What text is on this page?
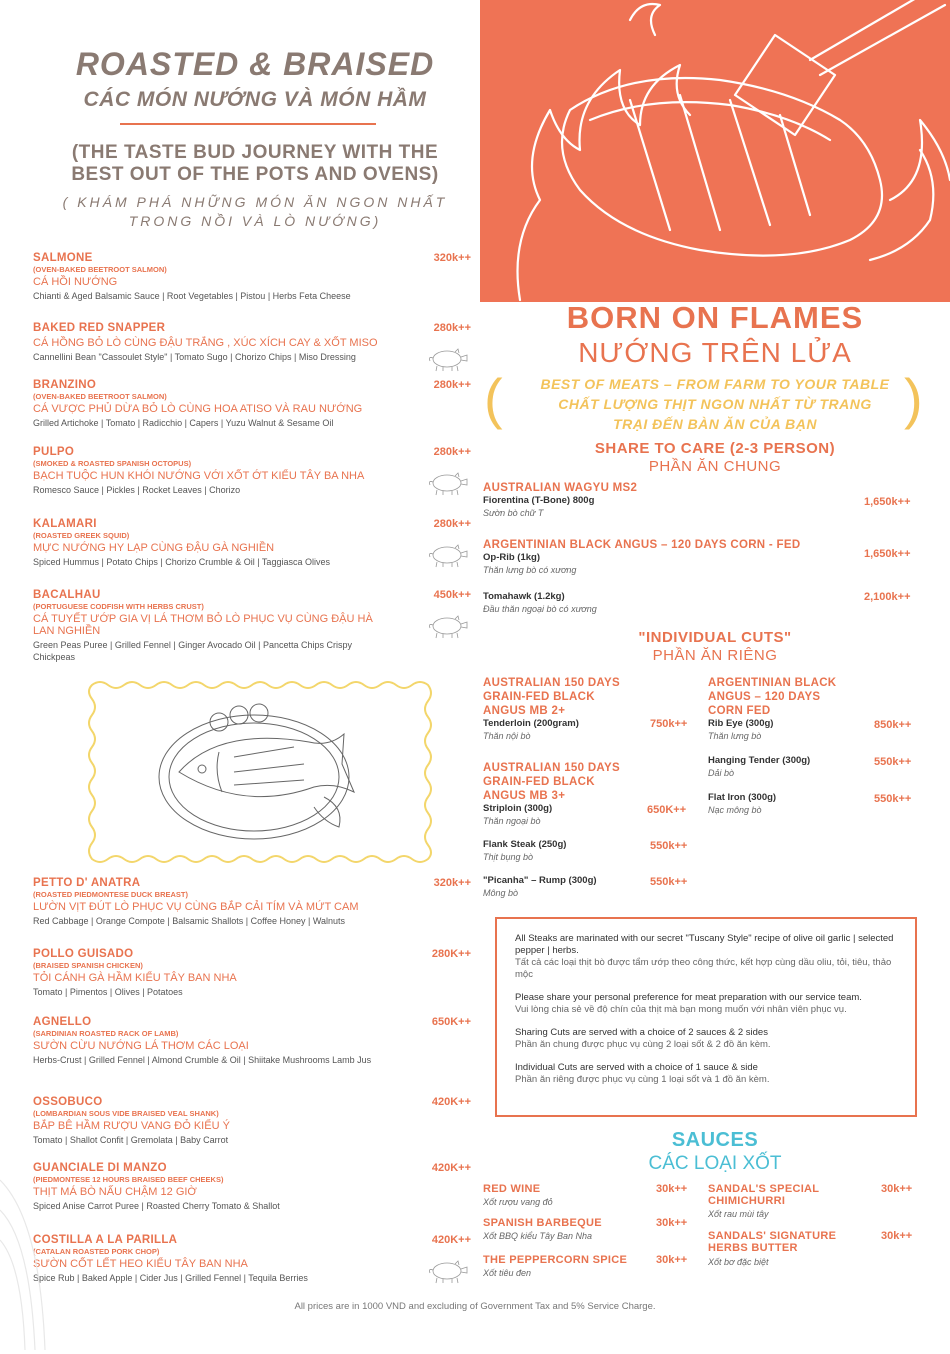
ROASTED & BRAISED
CÁC MÓN NƯỚNG VÀ MÓN HẦM
(THE TASTE BUD JOURNEY WITH THE
BEST OUT OF THE POTS AND OVENS)
( KHÁM PHÁ NHỮNG MÓN ĂN NGON NHẤT
TRONG NỒI VÀ LÒ NƯỚNG)
SALMONE
(OVEN-BAKED BEETROOT SALMON)
CÁ HỒI NƯỚNG
Chianti & Aged Balsamic Sauce | Root Vegetables | Pistou | Herbs Feta Cheese
320k++
BAKED RED SNAPPER
CÁ HỒNG BỎ LÒ CÙNG ĐẬU TRẮNG , XÚC XÍCH CAY & XỐT MISO
Cannellini Bean "Cassoulet Style" | Tomato Sugo | Chorizo Chips | Miso Dressing
280k++
BRANZINO
(OVEN-BAKED BEETROOT SALMON)
CÁ VƯỢC PHỦ DỪA BỎ LÒ CÙNG HOA ATISO VÀ RAU NƯỚNG
Grilled Artichoke | Tomato | Radicchio | Capers | Yuzu Walnut & Sesame Oil
280k++
PULPO
(SMOKED & ROASTED SPANISH OCTOPUS)
BẠCH TUỘC HUN KHÓI NƯỚNG VỚI XỐT ỚT KIỂU TÂY BA NHA
Romesco Sauce | Pickles | Rocket Leaves | Chorizo
280k++
KALAMARI
(ROASTED GREEK SQUID)
MỰC NƯỚNG HY LẠP CÙNG ĐẬU GÀ NGHIỀN
Spiced Hummus | Potato Chips | Chorizo Crumble & Oil | Taggiasca Olives
280k++
BACALHAU
(PORTUGUESE CODFISH WITH HERBS CRUST)
CÁ TUYẾT ƯỚP GIA VỊ LÁ THƠM BỎ LÒ PHỤC VỤ CÙNG ĐẬU HÀ LAN NGHIỀN
Green Peas Puree | Grilled Fennel | Ginger Avocado Oil | Pancetta Chips Crispy Chickpeas
450k++
PETTO D' ANATRA
(ROASTED PIEDMONTESE DUCK BREAST)
LƯỜN VỊT ĐÚT LÒ PHỤC VỤ CÙNG BẮP CẢI TÍM VÀ MỨT CAM
Red Cabbage | Orange Compote | Balsamic Shallots | Coffee Honey | Walnuts
320k++
POLLO GUISADO
(BRAISED SPANISH CHICKEN)
TỎI CÁNH GÀ HẦM KIỂU TÂY BAN NHA
Tomato | Pimentos | Olives | Potatoes
280K++
AGNELLO
(SARDINIAN ROASTED RACK OF LAMB)
SƯỜN CỪU NƯỚNG LÁ THƠM CÁC LOẠI
Herbs-Crust | Grilled Fennel | Almond Crumble & Oil | Shiitake Mushrooms Lamb Jus
650K++
OSSOBUCO
(LOMBARDIAN SOUS VIDE BRAISED VEAL SHANK)
BẮP BÊ HẦM RƯỢU VANG ĐỎ KIỂU Ý
Tomato | Shallot Confit | Gremolata | Baby Carrot
420K++
GUANCIALE DI MANZO
(PIEDMONTESE 12 HOURS BRAISED BEEF CHEEKS)
THỊT MÁ BÒ NẤU CHẬM 12 GIỜ
Spiced Anise Carrot Puree | Roasted Cherry Tomato & Shallot
420K++
COSTILLA A LA PARILLA
(CATALAN ROASTED PORK CHOP)
SƯỜN CỐT LẾT HEO KIỂU TÂY BAN NHA
Spice Rub | Baked Apple | Cider Jus | Grilled Fennel | Tequila Berries
420K++
BORN ON FLAMES
NƯỚNG TRÊN LỬA
(	)
BEST OF MEATS – FROM FARM TO YOUR TABLE
CHẤT LƯỢNG THỊT NGON NHẤT TỪ TRANG
TRẠI ĐẾN BÀN ĂN CỦA BẠN
SHARE TO CARE (2-3 PERSON)
PHẦN ĂN CHUNG
AUSTRALIAN WAGYU MS2
Fiorentina (T-Bone) 800g
Sườn bò chữ T
1,650k++
ARGENTINIAN BLACK ANGUS – 120 DAYS CORN - FED
Op-Rib (1kg)
Thăn lưng bò có xương
1,650k++
Tomahawk (1.2kg)
Đầu thăn ngoại bò có xương
2,100k++
"INDIVIDUAL CUTS"
PHẦN ĂN RIÊNG
AUSTRALIAN 150 DAYS GRAIN-FED BLACK ANGUS MB 2+
Tenderloin (200gram)
Thăn nội bò
750k++
AUSTRALIAN 150 DAYS GRAIN-FED BLACK ANGUS MB 3+
Striploin (300g)
Thăn ngoại bò
650K++
Flank Steak (250g)
Thịt bụng bò
550k++
"Picanha" – Rump (300g)
Mông bò
550k++
ARGENTINIAN BLACK ANGUS – 120 DAYS CORN FED
Rib Eye (300g)
Thăn lưng bò
850k++
Hanging Tender (300g)
Dải bò
550k++
Flat Iron (300g)
Nạc mông bò
550k++

All Steaks are marinated with our secret "Tuscany Style" recipe of olive oil garlic | selected pepper | herbs.

Tất cả các loại thịt bò được tẩm ướp theo công thức, kết hợp cùng dầu oliu, tỏi, tiêu, thảo mộc

Please share your personal preference for meat preparation with our service team.

Vui lòng chia sẻ về độ chín của thịt mà bạn mong muốn với nhân viên phục vụ.

Sharing Cuts are served with a choice of 2 sauces & 2 sides

Phần ăn chung được phục vụ cùng 2 loại sốt & 2 đồ ăn kèm.

Individual Cuts are served with a choice of 1 sauce & side

Phần ăn riêng được phục vụ cùng 1 loại sốt và 1 đồ ăn kèm.

SAUCES
CÁC LOẠI XỐT
RED WINE
Xốt rượu vang đỏ
30k++
SPANISH BARBEQUE
Xốt BBQ kiểu Tây Ban Nha
30k++
THE PEPPERCORN SPICE
Xốt tiêu đen
30k++
SANDAL'S SPECIAL CHIMICHURRI
Xốt rau mùi tây
30k++
SANDALS' SIGNATURE HERBS BUTTER
Xốt bơ đặc biệt
30k++
All prices are in 1000 VND and excluding of Government Tax and 5% Service Charge.
